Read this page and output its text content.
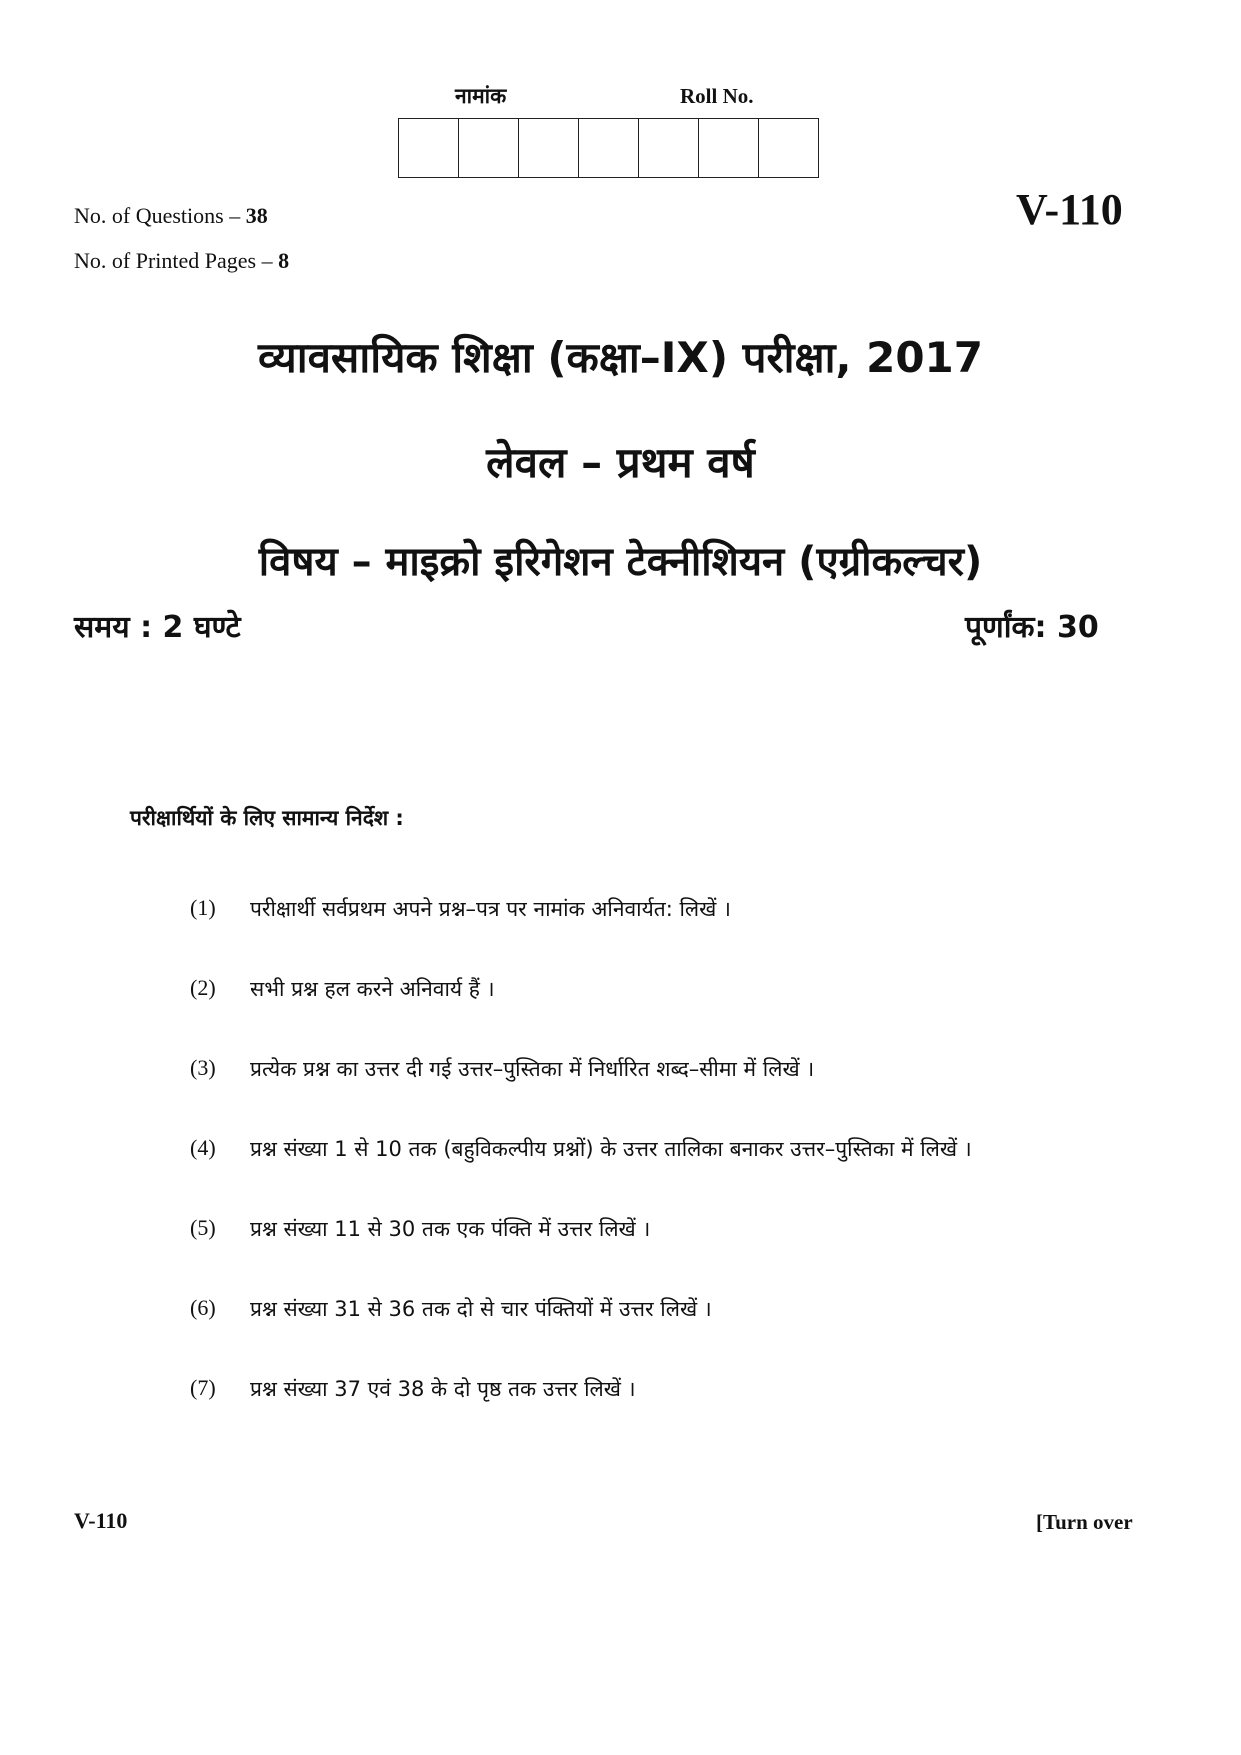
नामांक	Roll No.
V-110
No. of Questions – 38
No. of Printed Pages – 8
व्यावसायिक शिक्षा (कक्षा–IX) परीक्षा, 2017
लेवल – प्रथम वर्ष
विषय – माइक्रो इरिगेशन टेक्नीशियन (एग्रीकल्चर)
समय : 2 घण्टे	पूर्णांक: 30
परीक्षार्थियों के लिए सामान्य निर्देश :
(1)	परीक्षार्थी सर्वप्रथम अपने प्रश्न–पत्र पर नामांक अनिवार्यत: लिखें ।
(2)	सभी प्रश्न हल करने अनिवार्य हैं ।
(3)	प्रत्येक प्रश्न का उत्तर दी गई उत्तर–पुस्तिका में निर्धारित शब्द–सीमा में लिखें ।
(4)	प्रश्न संख्या 1 से 10 तक (बहुविकल्पीय प्रश्नों) के उत्तर तालिका बनाकर उत्तर–पुस्तिका में लिखें ।
(5)	प्रश्न संख्या 11 से 30 तक एक पंक्ति में उत्तर लिखें ।
(6)	प्रश्न संख्या 31 से 36 तक दो से चार पंक्तियों में उत्तर लिखें ।
(7)	प्रश्न संख्या 37 एवं 38 के दो पृष्ठ तक उत्तर लिखें ।
V-110	[Turn over
